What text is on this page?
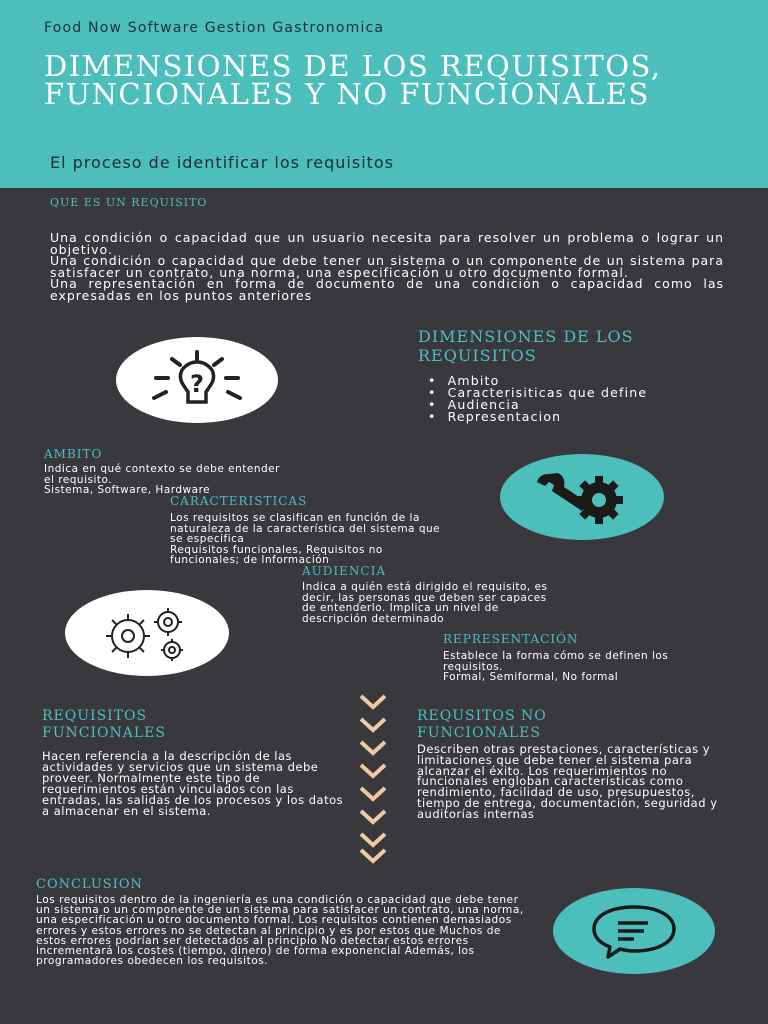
Food Now Software Gestion Gastronomica
DIMENSIONES DE LOS REQUISITOS, FUNCIONALES Y NO FUNCIONALES
El proceso de identificar los requisitos
QUE ES UN REQUISITO
Una condición o capacidad que un usuario necesita para resolver un problema o lograr un objetivo.
Una condición o capacidad que debe tener un sistema o un componente de un sistema para satisfacer un contrato, una norma, una especificación u otro documento formal.
Una representación en forma de documento de una condición o capacidad como las expresadas en los puntos anteriores
?
DIMENSIONES DE LOS REQUISITOS
• Ambito
• Caracterisiticas que define
• Audiencia
• Representacion
AMBITO
Indica en qué contexto se debe entender el requisito.
Sistema, Software, Hardware
CARACTERISTICAS
Los requisitos se clasifican en función de la naturaleza de la característica del sistema que se especifica
Requisitos funcionales, Requisitos no funcionales; de Información
AUDIENCIA
Indica a quién está dirigido el requisito, es decir, las personas que deben ser capaces de entenderlo. Implica un nivel de descripción determinado
REPRESENTACIÓN
Establece la forma cómo se definen los requisitos.
Formal, Semiformal, No formal
REQUISITOS FUNCIONALES
Hacen referencia a la descripción de las actividades y servicios que un sistema debe proveer. Normalmente este tipo de requerimientos están vinculados con las entradas, las salidas de los procesos y los datos a almacenar en el sistema.
REQUSITOS NO FUNCIONALES
Describen otras prestaciones, características y limitaciones que debe tener el sistema para alcanzar el éxito. Los requerimientos no funcionales engloban características como rendimiento, facilidad de uso, presupuestos, tiempo de entrega, documentación, seguridad y auditorías internas
CONCLUSION
Los requisitos dentro de la ingeniería es una condición o capacidad que debe tener un sistema o un componente de un sistema para satisfacer un contrato, una norma, una especificación u otro documento formal. Los requisitos contienen demasiados errores y estos errores no se detectan al principio y es por estos que Muchos de estos errores podrían ser detectados al principio No detectar estos errores incrementará los costes (tiempo, dinero) de forma exponencial Además, los programadores obedecen los requisitos.
